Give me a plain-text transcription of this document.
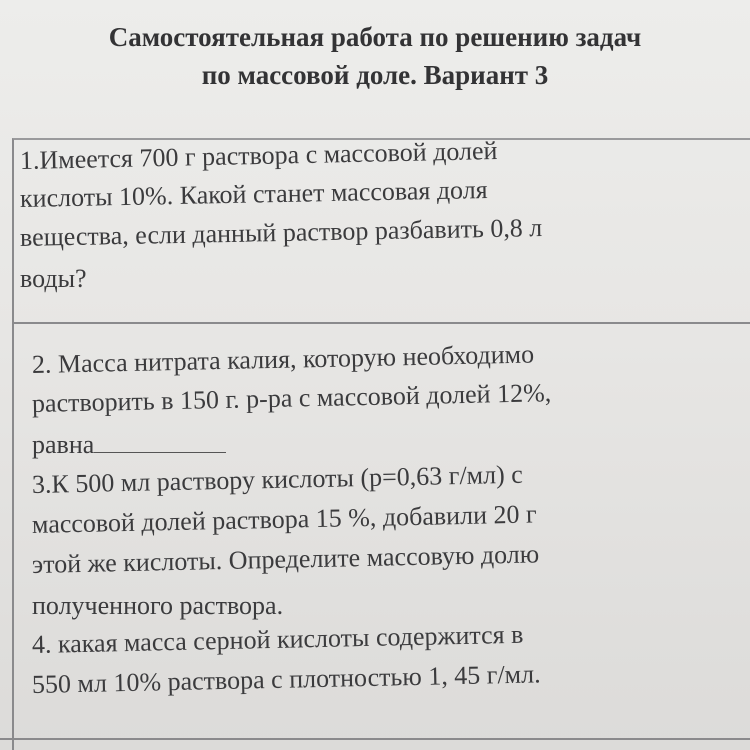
Самостоятельная работа по решению задач
по массовой доле. Вариант 3
1.Имеется 700 г раствора с массовой долей
кислоты 10%. Какой станет массовая доля
вещества, если данный раствор разбавить 0,8 л
воды?
2. Масса нитрата калия, которую необходимо
растворить в 150 г. р-ра с массовой долей 12%,
равна
3.К 500 мл раствору кислоты (р=0,63 г/мл) с
массовой долей раствора 15 %, добавили 20 г
этой же кислоты. Определите массовую долю
полученного раствора.
4. какая масса серной кислоты содержится в
550 мл 10% раствора с плотностью 1, 45 г/мл.
